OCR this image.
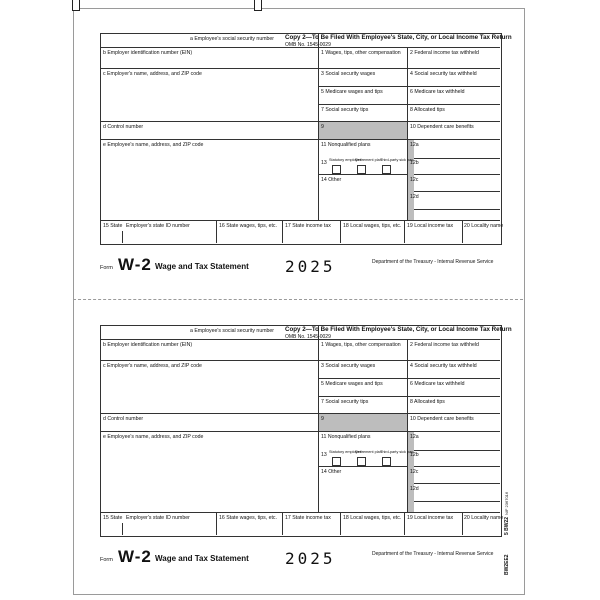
a Employee's social security number Copy 2—To Be Filed With Employee's State, City, or Local Income Tax Return
OMB No. 1545-0029
b Employer identification number (EIN)
c Employer's name, address, and ZIP code
d Control number
e Employee's name, address, and ZIP code
1 Wages, tips, other compensation 2 Federal income tax withheld
3 Social security wages	4 Social security tax withheld
5 Medicare wages and tips	6 Medicare tax withheld
7 Social security tips	8 Allocated tips
9	10 Dependent care benefits
11 Nonqualified plans	12a
12b
12c
12d
13 Statutory employee
Retirement plan
Third-party sick pay
14 Other
15 State Employer's state ID number	16 State wages, tips, etc. 17 State income tax 18 Local wages, tips, etc. 19 Local income tax 20 Locality name
Form W-2 Wage and Tax Statement 2025	Department of the Treasury - Internal Revenue Service
a Employee's social security number Copy 2—To Be Filed With Employee's State, City, or Local Income Tax Return
OMB No. 1545-0029
b Employer identification number (EIN)
c Employer's name, address, and ZIP code
d Control number
e Employee's name, address, and ZIP code
1 Wages, tips, other compensation 2 Federal income tax withheld
3 Social security wages	4 Social security tax withheld
5 Medicare wages and tips	6 Medicare tax withheld
7 Social security tips	8 Allocated tips
9	10 Dependent care benefits
11 Nonqualified plans	12a
12b
12c
12d
13 Statutory employee
Retirement plan
Third-party sick pay
14 Other
15 State Employer's state ID number	16 State wages, tips, etc. 17 State income tax 18 Local wages, tips, etc. 19 Local income tax 20 Locality name
Form W-2 Wage and Tax Statement 2025	Department of the Treasury - Internal Revenue Service
BW2EE2
5 BW22
N/F 2367016
